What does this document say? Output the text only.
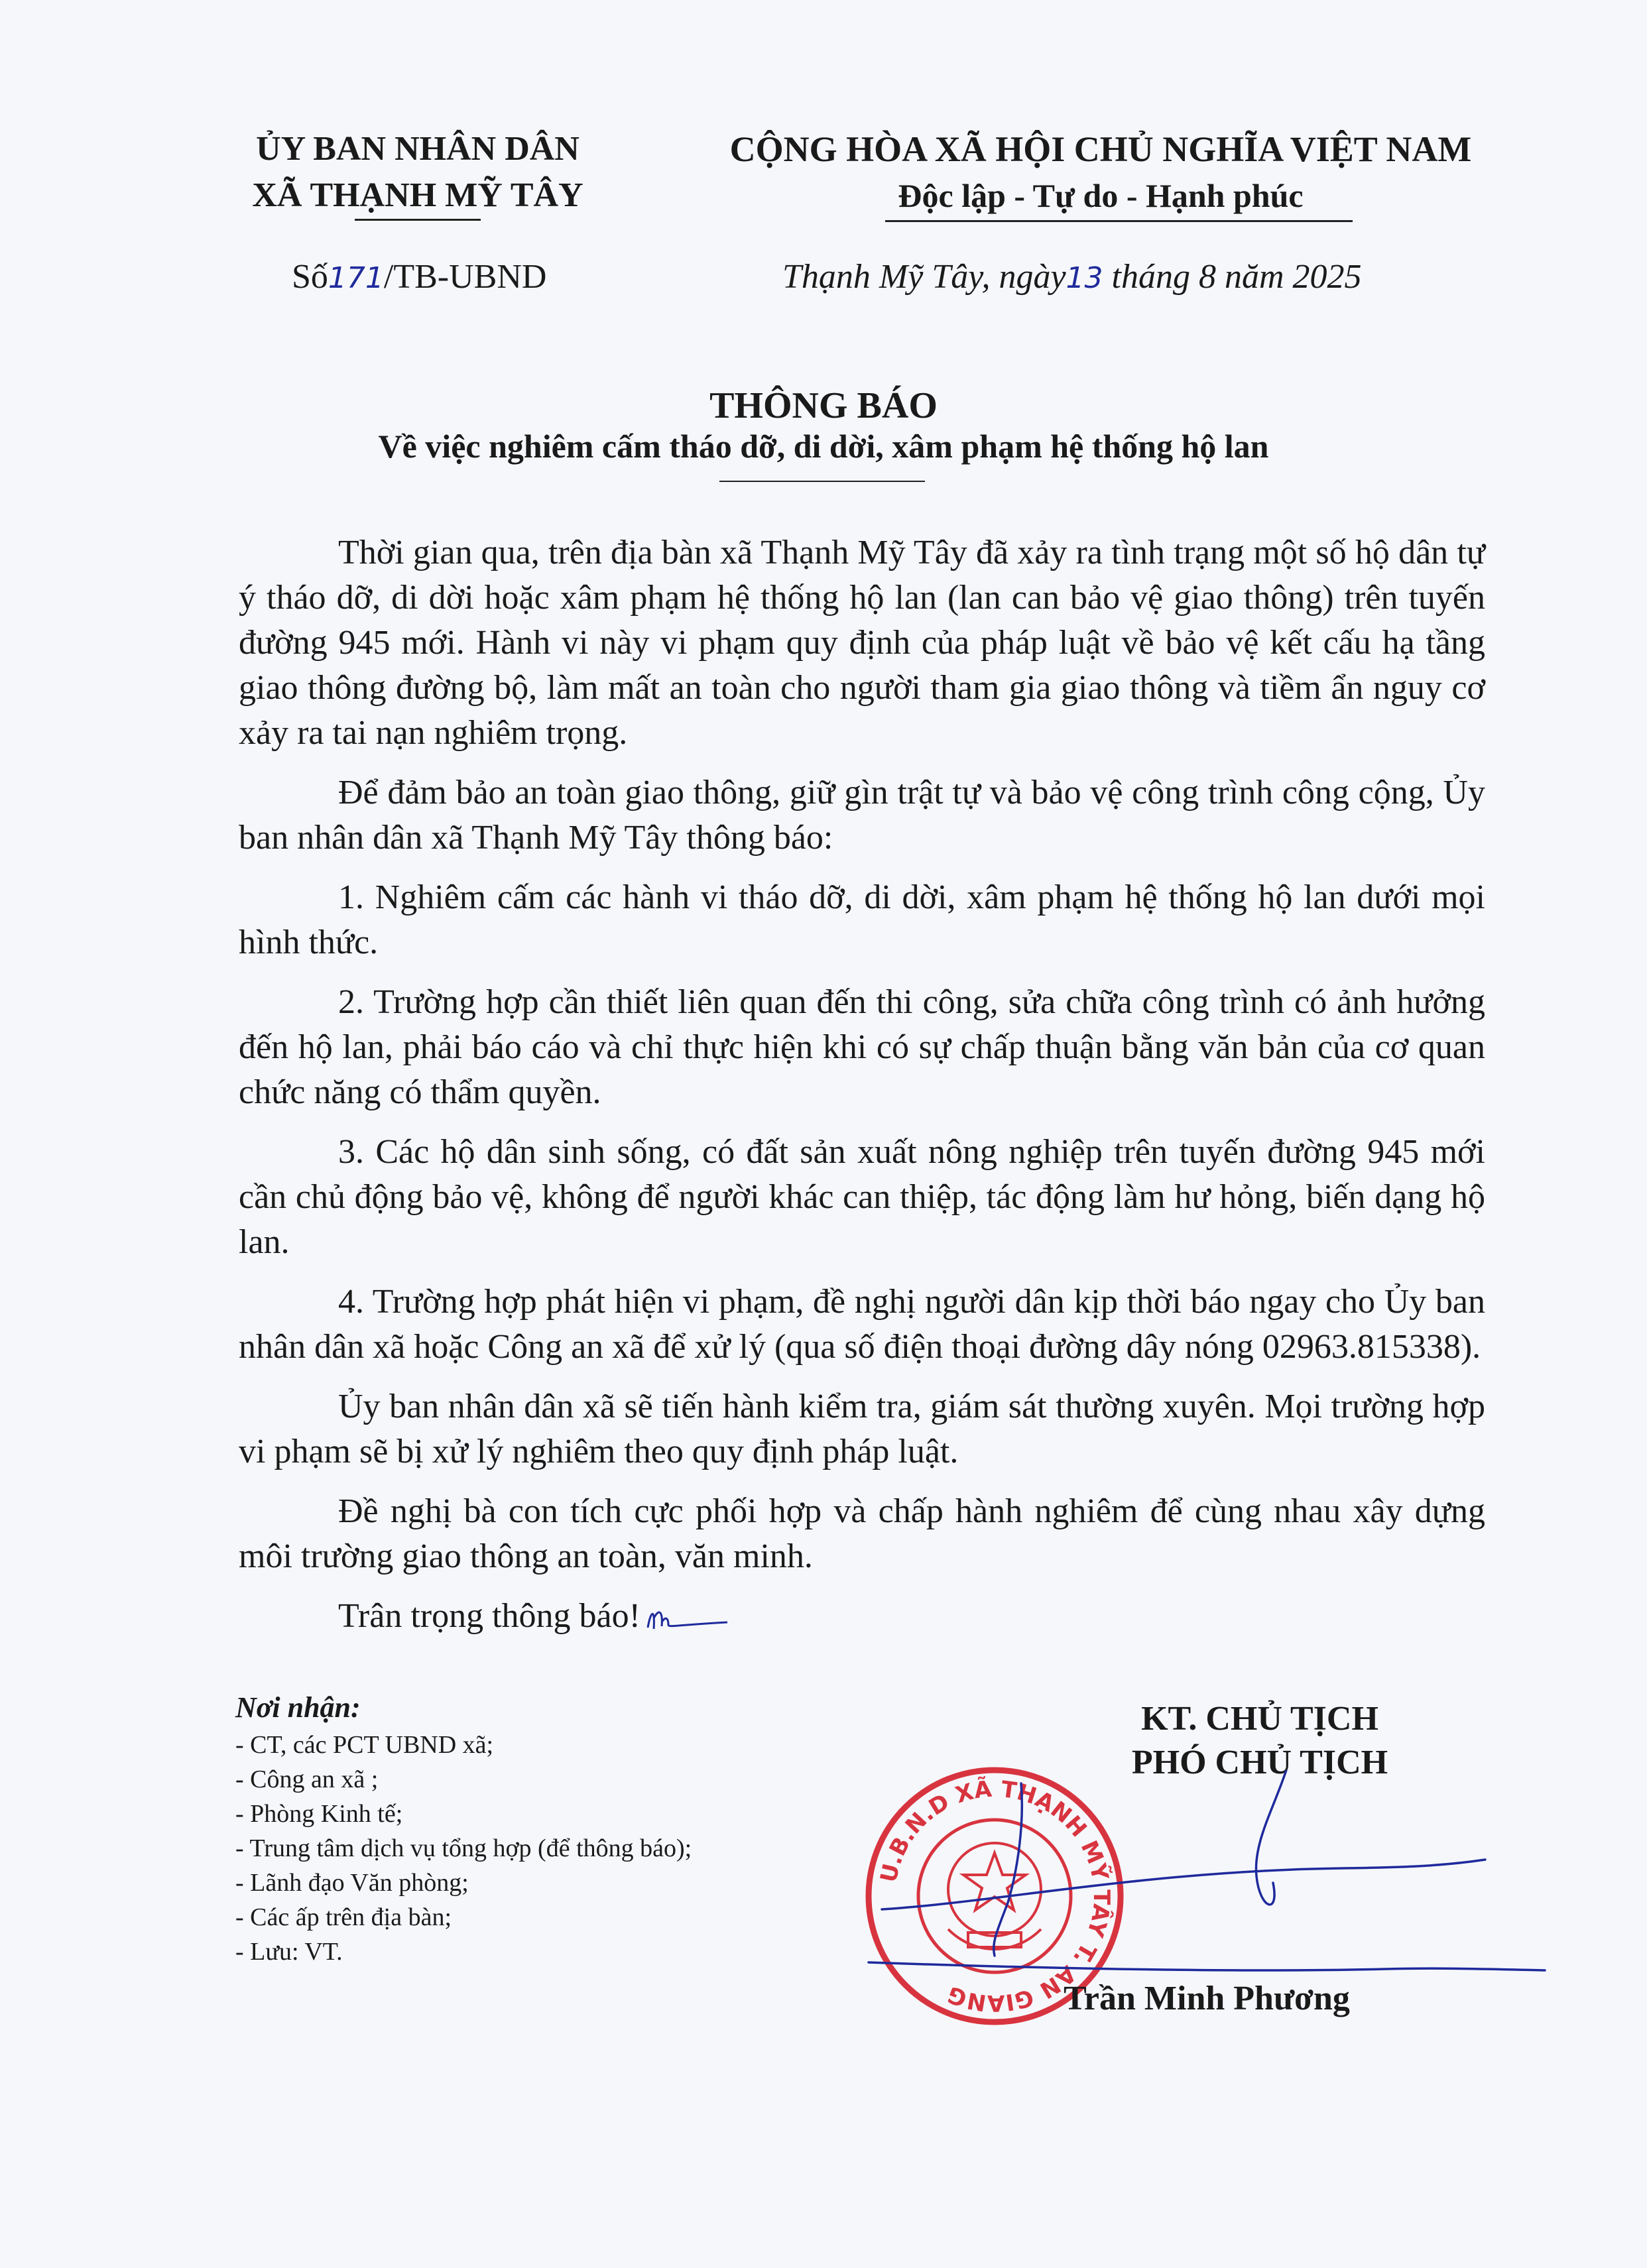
ỦY BAN NHÂN DÂN
XÃ THẠNH MỸ TÂY
CỘNG HÒA XÃ HỘI CHỦ NGHĨA VIỆT NAM
Độc lập - Tự do - Hạnh phúc
Số171/TB-UBND	Thạnh Mỹ Tây, ngày13 tháng 8 năm 2025
THÔNG BÁO
Về việc nghiêm cấm tháo dỡ, di dời, xâm phạm hệ thống hộ lan

Thời gian qua, trên địa bàn xã Thạnh Mỹ Tây đã xảy ra tình trạng một số hộ dân tự ý tháo dỡ, di dời hoặc xâm phạm hệ thống hộ lan (lan can bảo vệ giao thông) trên tuyến đường 945 mới. Hành vi này vi phạm quy định của pháp luật về bảo vệ kết cấu hạ tầng giao thông đường bộ, làm mất an toàn cho người tham gia giao thông và tiềm ẩn nguy cơ xảy ra tai nạn nghiêm trọng.

Để đảm bảo an toàn giao thông, giữ gìn trật tự và bảo vệ công trình công cộng, Ủy ban nhân dân xã Thạnh Mỹ Tây thông báo:

1. Nghiêm cấm các hành vi tháo dỡ, di dời, xâm phạm hệ thống hộ lan dưới mọi hình thức.

2. Trường hợp cần thiết liên quan đến thi công, sửa chữa công trình có ảnh hưởng đến hộ lan, phải báo cáo và chỉ thực hiện khi có sự chấp thuận bằng văn bản của cơ quan chức năng có thẩm quyền.

3. Các hộ dân sinh sống, có đất sản xuất nông nghiệp trên tuyến đường 945 mới cần chủ động bảo vệ, không để người khác can thiệp, tác động làm hư hỏng, biến dạng hộ lan.

4. Trường hợp phát hiện vi phạm, đề nghị người dân kịp thời báo ngay cho Ủy ban nhân dân xã hoặc Công an xã để xử lý (qua số điện thoại đường dây nóng 02963.815338).

Ủy ban nhân dân xã sẽ tiến hành kiểm tra, giám sát thường xuyên. Mọi trường hợp vi phạm sẽ bị xử lý nghiêm theo quy định pháp luật.

Đề nghị bà con tích cực phối hợp và chấp hành nghiêm để cùng nhau xây dựng môi trường giao thông an toàn, văn minh.

Trân trọng thông báo!

Nơi nhận:
- CT, các PCT UBND xã;
- Công an xã ;
- Phòng Kinh tế;
- Trung tâm dịch vụ tổng hợp (để thông báo);
- Lãnh đạo Văn phòng;
- Các ấp trên địa bàn;
- Lưu: VT.
KT. CHỦ TỊCH
PHÓ CHỦ TỊCH
U.B.N.D XÃ THẠNH MỸ TÂY T. AN GIANG	Trần Minh Phương
